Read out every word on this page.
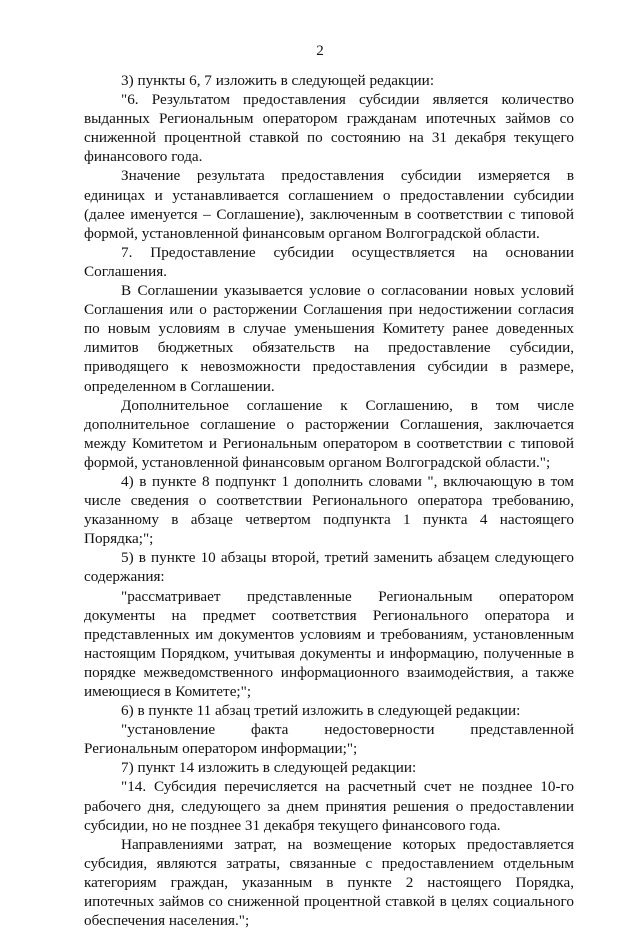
2

3) пункты 6, 7 изложить в следующей редакции:

"6. Результатом предоставления субсидии является количество выданных Региональным оператором гражданам ипотечных займов со сниженной процентной ставкой по состоянию на 31 декабря текущего финансового года.

Значение результата предоставления субсидии измеряется в единицах и устанавливается соглашением о предоставлении субсидии (далее именуется – Соглашение), заключенным в соответствии с типовой формой, установленной финансовым органом Волгоградской области.

7. Предоставление субсидии осуществляется на основании Соглашения.

В Соглашении указывается условие о согласовании новых условий Соглашения или о расторжении Соглашения при недостижении согласия по новым условиям в случае уменьшения Комитету ранее доведенных лимитов бюджетных обязательств на предоставление субсидии, приводящего к невозможности предоставления субсидии в размере, определенном в Соглашении.

Дополнительное соглашение к Соглашению, в том числе дополнительное соглашение о расторжении Соглашения, заключается между Комитетом и Региональным оператором в соответствии с типовой формой, установленной финансовым органом Волгоградской области.";

4) в пункте 8 подпункт 1 дополнить словами ", включающую в том числе сведения о соответствии Регионального оператора требованию, указанному в абзаце четвертом подпункта 1 пункта 4 настоящего Порядка;";

5) в пункте 10 абзацы второй, третий заменить абзацем следующего содержания:

"рассматривает представленные Региональным оператором документы на предмет соответствия Регионального оператора и представленных им документов условиям и требованиям, установленным настоящим Порядком, учитывая документы и информацию, полученные в порядке межведомственного информационного взаимодействия, а также имеющиеся в Комитете;";

6) в пункте 11 абзац третий изложить в следующей редакции:

"установление факта недостоверности представленной Региональным оператором информации;";

7) пункт 14 изложить в следующей редакции:

"14. Субсидия перечисляется на расчетный счет не позднее 10-го рабочего дня, следующего за днем принятия решения о предоставлении субсидии, но не позднее 31 декабря текущего финансового года.

Направлениями затрат, на возмещение которых предоставляется субсидия, являются затраты, связанные с предоставлением отдельным категориям граждан, указанным в пункте 2 настоящего Порядка, ипотечных займов со сниженной процентной ставкой в целях социального обеспечения населения.";
